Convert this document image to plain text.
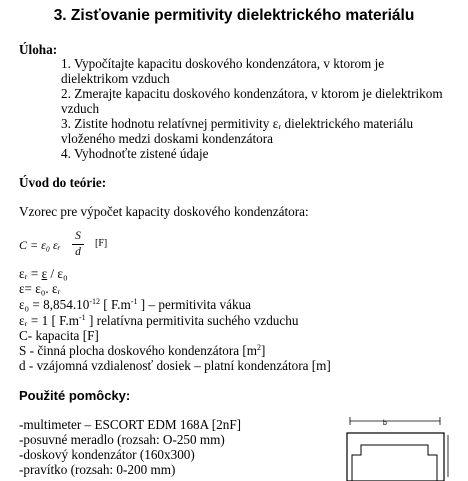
3. Zisťovanie permitivity dielektrického materiálu
Úloha:
1. Vypočítajte kapacitu doskového kondenzátora, v ktorom je
dielektrikom vzduch
2. Zmerajte kapacitu doskového kondenzátora, v ktorom je dielektrikom
vzduch
3. Zistite hodnotu relatívnej permitivity εᵣ dielektrického materiálu
vloženého medzi doskami kondenzátora
4. Vyhodnoťte zistené údaje
Úvod do teórie:
Vzorec pre výpočet kapacity doskového kondenzátora:
C = ε₀ εᵣ
S
d
[F]
εᵣ = ε / ε₀
ε= ε₀. εᵣ
$\varepsilon_0 = 8,854.10^{-12}$ [ $F.m^{-1}$ ] – permitivita vákua
εᵣ = 1 [ $F.m^{-1}$ ] relatívna permitivita suchého vzduchu
C- kapacita [F]
S - činná plocha doskového kondenzátora $[m^2]$
d - vzájomná vzdialenosť dosiek – platní kondenzátora [m]
Použité pomôcky:
-multimeter – ESCORT EDM 168A [2nF]
-posuvné meradlo (rozsah: O-250 mm)
-doskový kondenzátor (160x300)
-pravítko (rozsah: 0-200 mm)
b
